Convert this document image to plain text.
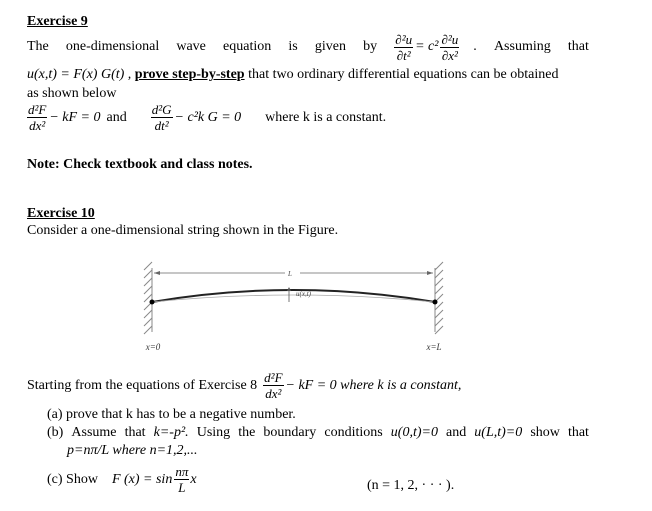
Exercise 9
The one-dimensional wave equation is given by $\frac{\text{∂²u}}{\text{∂t²}} = c^2 \frac{\text{∂²u}}{\text{∂x²}}$ . Assuming that
u(x,t) = F(x) G(t) , prove step-by-step that two ordinary differential equations can be obtained
as shown below
$\frac{\text{d²F}}{\text{dx²}}$ − kF = 0 and $\frac{\text{d²G}}{\text{dt²}} - c^2k$ G = 0 where k is a constant.
Note: Check textbook and class notes.
Exercise 10
Consider a one-dimensional string shown in the Figure.
L
u(x,t)
x=0	x=L
Starting from the equations of Exercise $8 \frac{\text{d²F}}{\text{dx²}}$ − kF = 0 where k is a constant,
(a) prove that k has to be a negative number.
(b) Assume that k=-p². Using the boundary conditions u(0,t)=0 and u(L,t)=0 show that
p=nπ/L where n=1,2,...
(c) Show F $(x) = \sin \frac{n\pi}{L}$ x	(n = 1, 2, · · · ).
